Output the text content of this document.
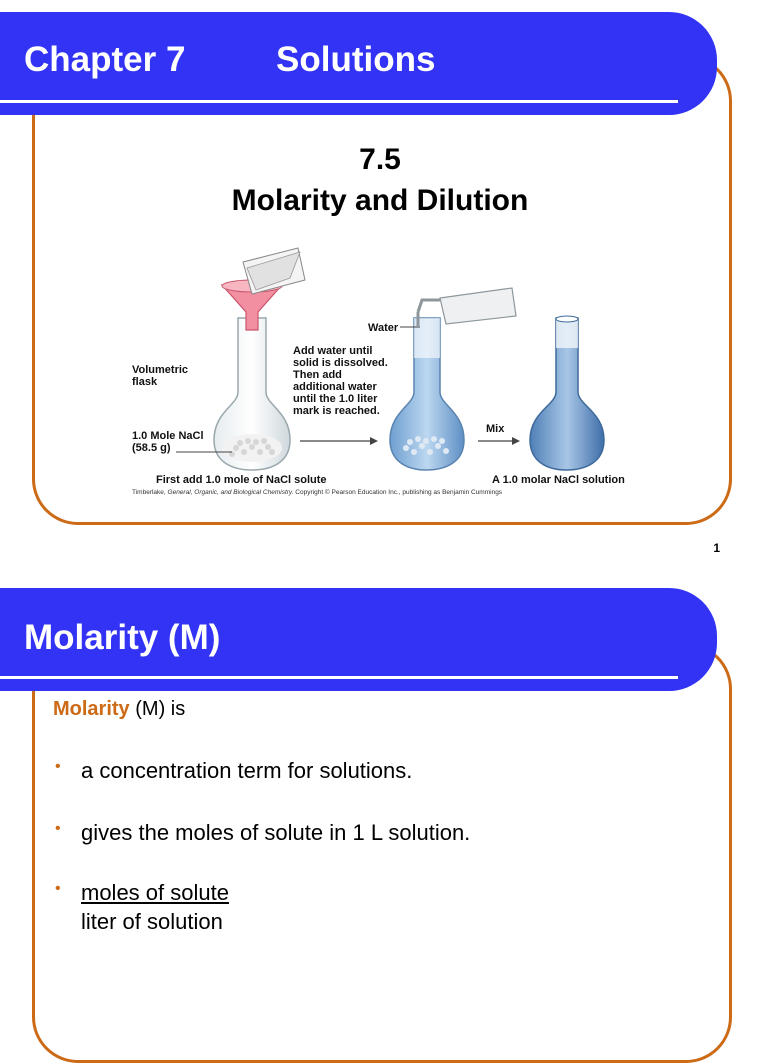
Chapter 7	Solutions
7.5
Molarity and Dilution
Volumetric
flask
1.0 Mole NaCl
(58.5 g)
Water
Add water until
solid is dissolved.
Then add
additional water
until the 1.0 liter
mark is reached.
Mix
First add 1.0 mole of NaCl solute	A 1.0 molar NaCl solution
Timberlake, General, Organic, and Biological Chemistry. Copyright © Pearson Education Inc., publishing as Benjamin Cummings
1
Molarity (M)
Molarity (M) is
• a concentration term for solutions.
• gives the moles of solute in 1 L solution.
• moles of solute
liter of solution
